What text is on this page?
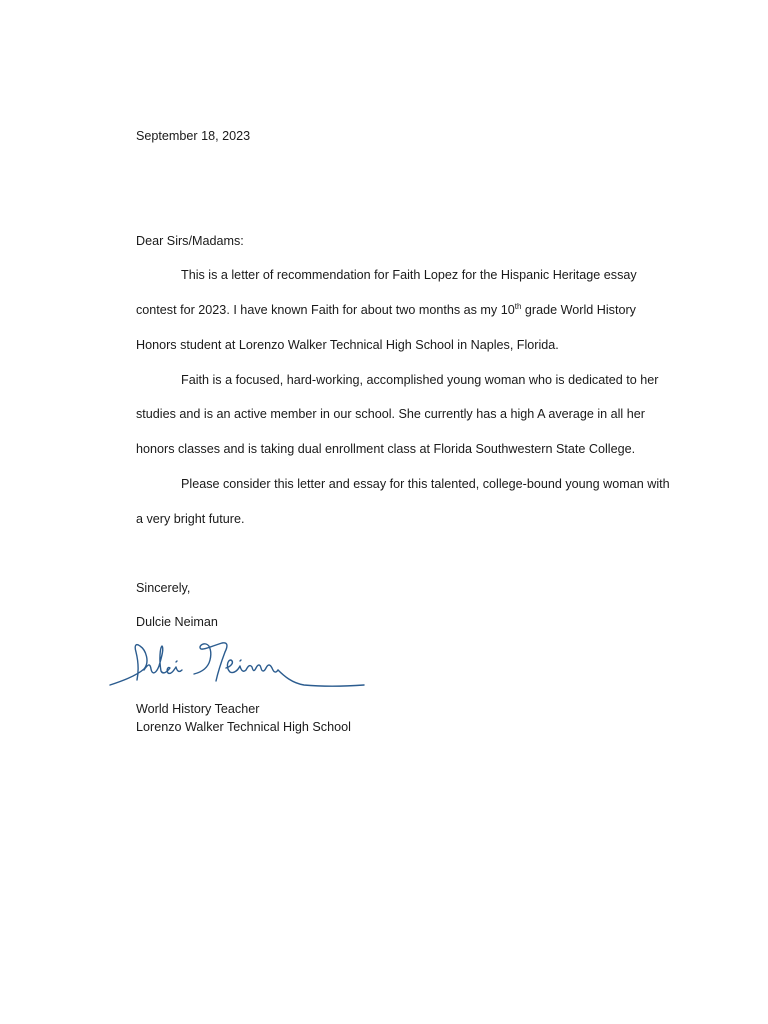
September 18, 2023
Dear Sirs/Madams:
This is a letter of recommendation for Faith Lopez for the Hispanic Heritage essay
contest for 2023. I have known Faith for about two months as my 10th grade World History
Honors student at Lorenzo Walker Technical High School in Naples, Florida.
Faith is a focused, hard-working, accomplished young woman who is dedicated to her
studies and is an active member in our school. She currently has a high A average in all her
honors classes and is taking dual enrollment class at Florida Southwestern State College.
Please consider this letter and essay for this talented, college-bound young woman with
a very bright future.
Sincerely,
Dulcie Neiman
World History Teacher
Lorenzo Walker Technical High School
